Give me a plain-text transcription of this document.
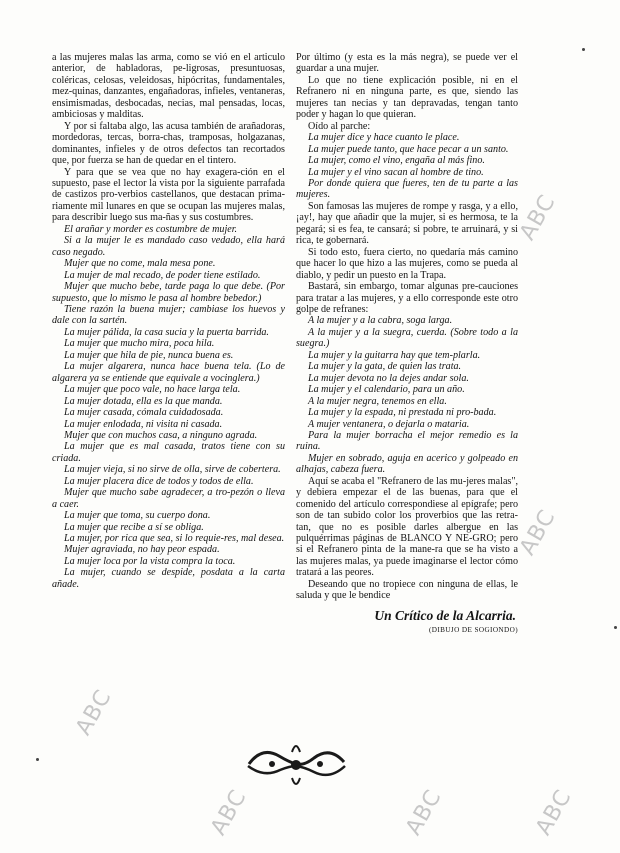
a las mujeres malas las arma, como se vió en el articulo anterior, de habladoras, pe-ligrosas, presuntuosas, coléricas, celosas, veleidosas, hipócritas, fundamentales, mez-quinas, danzantes, engañadoras, infieles, ventaneras, ensimismadas, desbocadas, necias, mal pensadas, locas, ambiciosas y malditas.

Y por si faltaba algo, las acusa también de arañadoras, mordedoras, tercas, borra-chas, tramposas, holgazanas, dominantes, infieles y de otros defectos tan recortados que, por fuerza se han de quedar en el tintero.

Y para que se vea que no hay exagera-ción en el supuesto, pase el lector la vista por la siguiente parrafada de castizos pro-verbios castellanos, que destacan prima-riamente mil lunares en que se ocupan las mujeres malas, para describir luego sus ma-ñas y sus costumbres.

El arañar y morder es costumbre de mujer.

Si a la mujer le es mandado caso vedado, ella hará caso negado.

Mujer que no come, mala mesa pone.

La mujer de mal recado, de poder tiene estilado.

Mujer que mucho bebe, tarde paga lo que debe. (Por supuesto, que lo mismo le pasa al hombre bebedor.)

Tiene razón la buena mujer; cambiase los huevos y dale con la sartén.

La mujer pálida, la casa sucia y la puerta barrida.

La mujer que mucho mira, poca hila.

La mujer que hila de pie, nunca buena es.

La mujer algarera, nunca hace buena tela. (Lo de algarera ya se entiende que equivale a vocinglera.)

La mujer que poco vale, no hace larga tela.

La mujer dotada, ella es la que manda.

La mujer casada, cómala cuidadosada.

La mujer enlodada, ni visita ni casada.

Mujer que con muchos casa, a ninguno agrada.

La mujer que es mal casada, tratos tiene con su criada.

La mujer vieja, si no sirve de olla, sirve de cobertera.

La mujer placera dice de todos y todos de ella.

Mujer que mucho sabe agradecer, a tro-pezón o lleva a caer.

La mujer que toma, su cuerpo dona.

La mujer que recibe a sí se obliga.

La mujer, por rica que sea, si lo requie-res, mal desea.

Mujer agraviada, no hay peor espada.

La mujer loca por la vista compra la toca.

La mujer, cuando se despide, posdata a la carta añade.

Por último (y esta es la más negra), se puede ver el guardar a una mujer.

Lo que no tiene explicación posible, ni en el Refranero ni en ninguna parte, es que, siendo las mujeres tan necias y tan depravadas, tengan tanto poder y hagan lo que quieran.

Oído al parche:

La mujer dice y hace cuanto le place.

La mujer puede tanto, que hace pecar a un santo.

La mujer, como el vino, engaña al más fino.

La mujer y el vino sacan al hombre de tino.

Por donde quiera que fueres, ten de tu parte a las mujeres.

Son famosas las mujeres de rompe y rasga, y a ello, ¡ay!, hay que añadir que la mujer, si es hermosa, te la pegará; si es fea, te cansará; si pobre, te arruinará, y si rica, te gobernará.

Si todo esto, fuera cierto, no quedaría más camino que hacer lo que hizo a las mujeres, como se pueda al diablo, y pedir un puesto en la Trapa.

Bastará, sin embargo, tomar algunas pre-cauciones para tratar a las mujeres, y a ello corresponde este otro golpe de refranes:

A la mujer y a la cabra, soga larga.

A la mujer y a la suegra, cuerda. (Sobre todo a la suegra.)

La mujer y la guitarra hay que tem-plarla.

La mujer y la gata, de quien las trata.

La mujer devota no la dejes andar sola.

La mujer y el calendario, para un año.

A la mujer negra, tenemos en ella.

La mujer y la espada, ni prestada ni pro-bada.

A mujer ventanera, o dejarla o mataria.

Para la mujer borracha el mejor remedio es la ruina.

Mujer en sobrado, aguja en acerico y golpeado en alhajas, cabeza fuera.

Aquí se acaba el "Refranero de las mu-jeres malas", y debiera empezar el de las buenas, para que el comenido del artículo correspondiese al epígrafe; pero son de tan subido color los proverbios que las retra-tan, que no es posible darles albergue en las pulquérrimas páginas de BLANCO Y NE-GRO; pero si el Refranero pinta de la mane-ra que se ha visto a las mujeres malas, ya puede imaginarse el lector cómo tratará a las peores.

Deseando que no tropiece con ninguna de ellas, le saluda y que le bendice

Un Crítico de la Alcarria.
(DIBUJO DE SOGIONDO)
ABC
ABC
ABC
ABC	ABC	ABC
